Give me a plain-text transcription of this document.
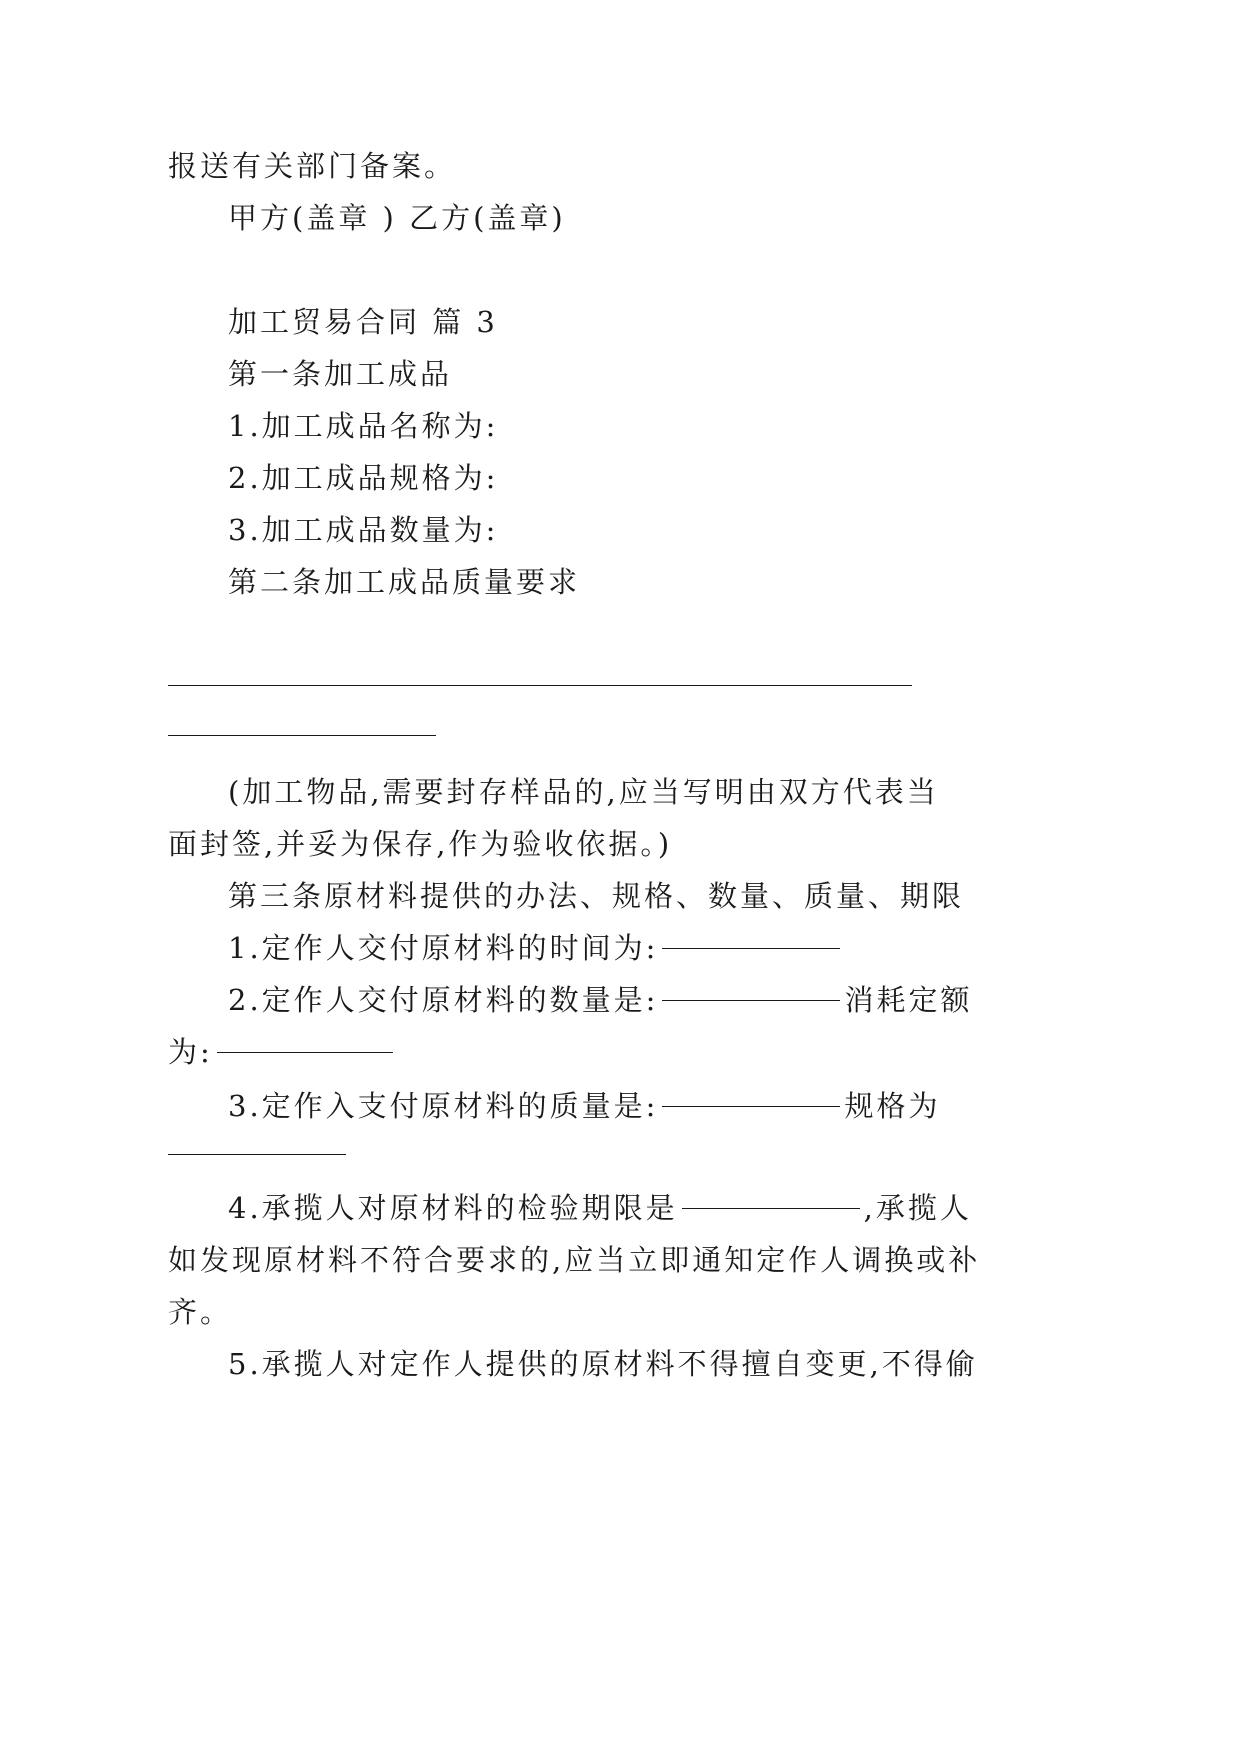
报送有关部门备案。
甲方(盖章 ) 乙方(盖章)
加工贸易合同 篇 3
第一条加工成品
1.加工成品名称为:
2.加工成品规格为:
3.加工成品数量为:
第二条加工成品质量要求
(加工物品,需要封存样品的,应当写明由双方代表当
面封签,并妥为保存,作为验收依据。)
第三条原材料提供的办法、规格、数量、质量、期限
1.定作人交付原材料的时间为:
2.定作人交付原材料的数量是:	消耗定额
为:
3.定作入支付原材料的质量是:	规格为
4.承揽人对原材料的检验期限是	,承揽人
如发现原材料不符合要求的,应当立即通知定作人调换或补
齐。
5.承揽人对定作人提供的原材料不得擅自变更,不得偷
